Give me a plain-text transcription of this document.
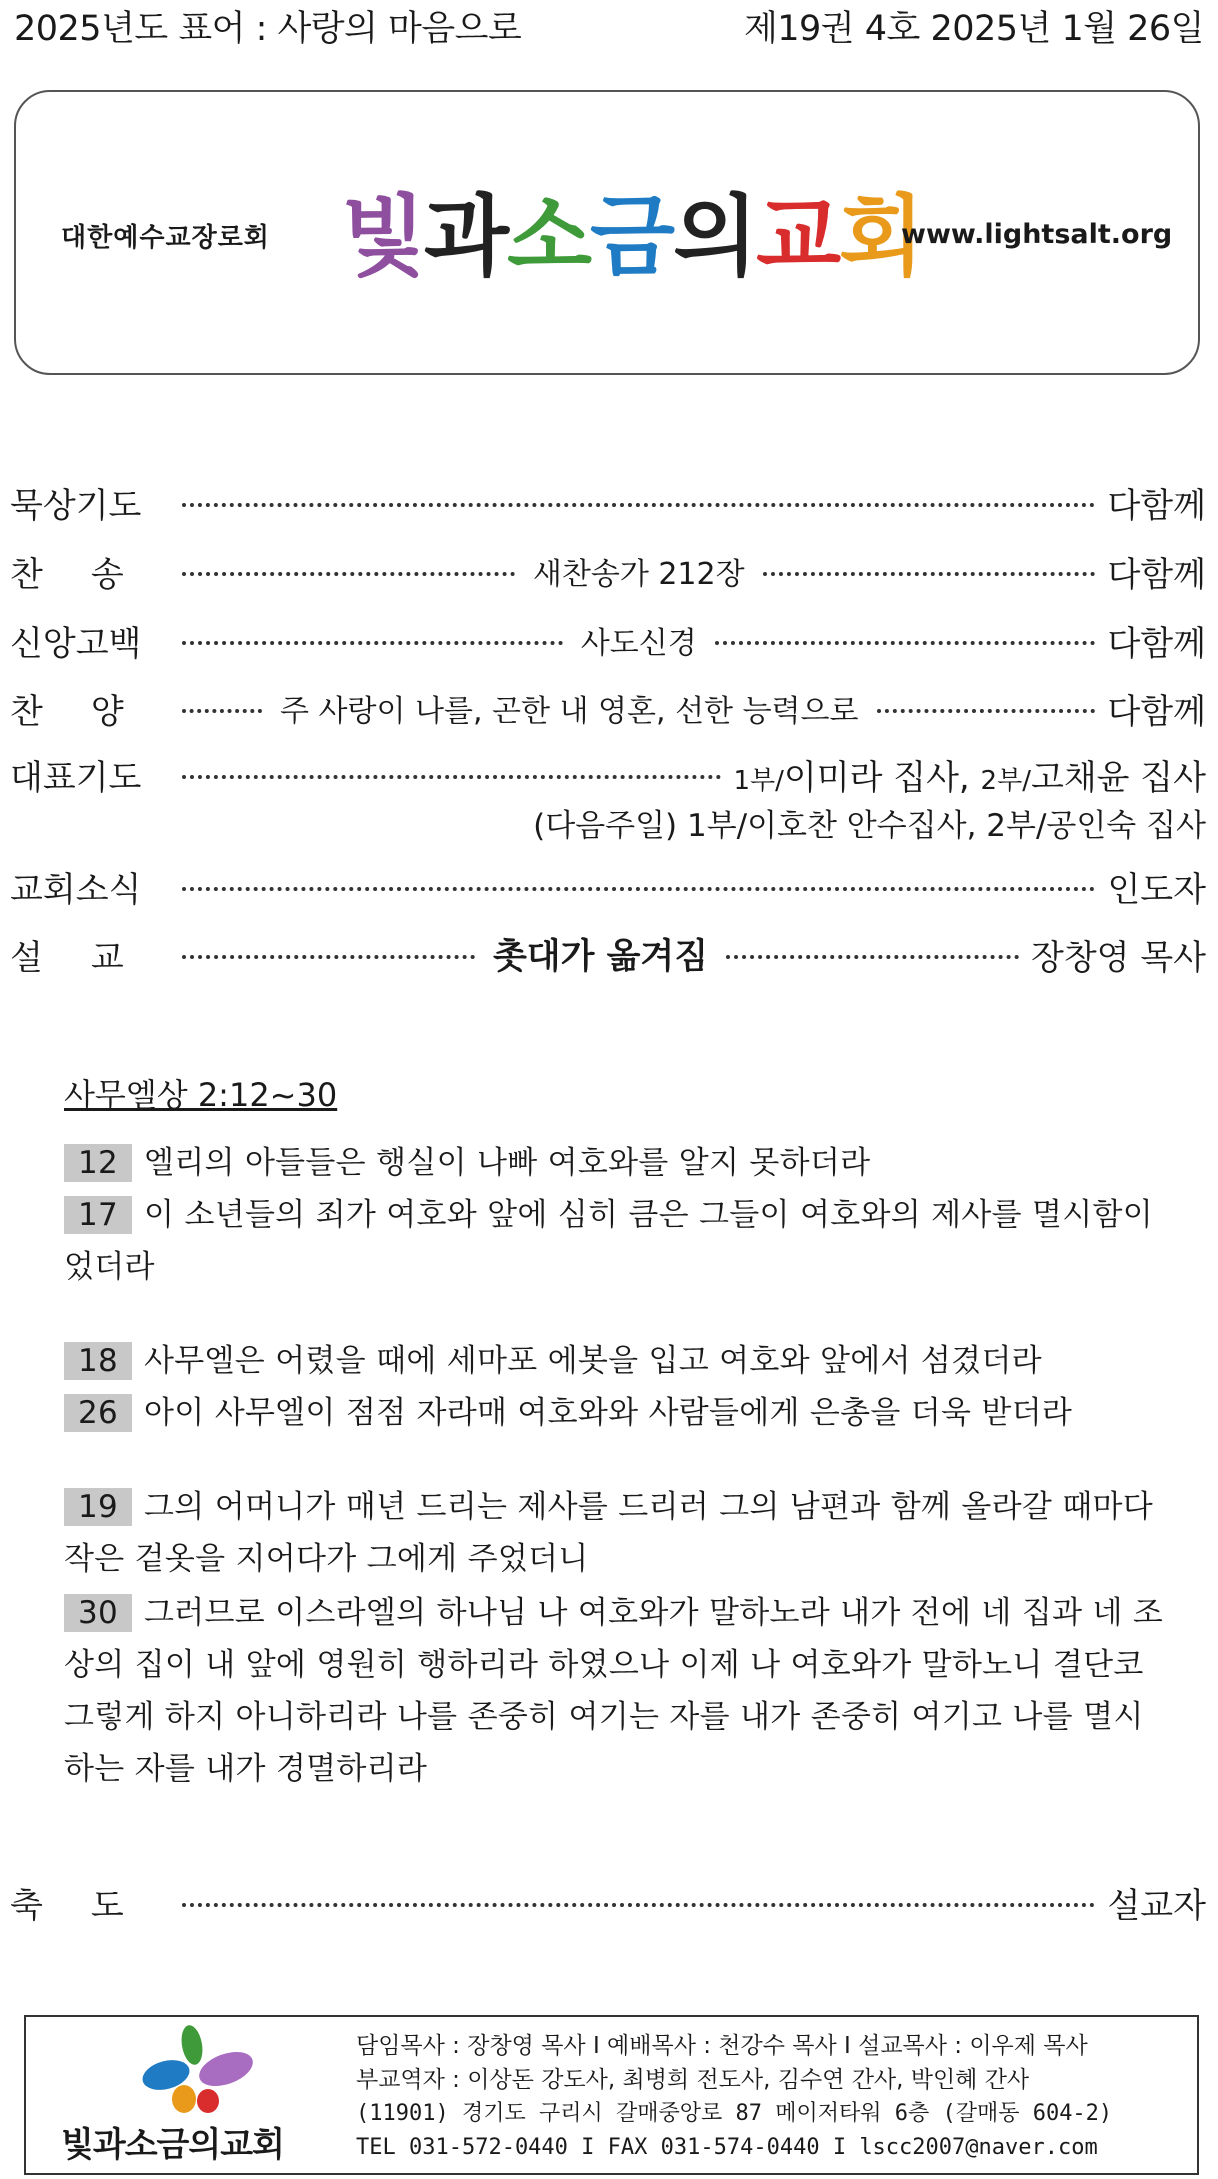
2025년도 표어 : 사랑의 마음으로	제19권 4호 2025년 1월 26일
대한예수교장로회 빛과소금의교회
www.lightsalt.org
묵상기도	다함께
찬송	새찬송가 212장	다함께
신앙고백	사도신경	다함께
찬양	주 사랑이 나를, 곤한 내 영혼, 선한 능력으로	다함께
대표기도	1부/이미라 집사, 2부/고채윤 집사
(다음주일) 1부/이호찬 안수집사, 2부/공인숙 집사
교회소식	인도자
설교	촛대가 옮겨짐	장창영 목사
사무엘상 2:12~30
12 엘리의 아들들은 행실이 나빠 여호와를 알지 못하더라
17 이 소년들의 죄가 여호와 앞에 심히 큼은 그들이 여호와의 제사를 멸시함이었더라
18 사무엘은 어렸을 때에 세마포 에봇을 입고 여호와 앞에서 섬겼더라
26 아이 사무엘이 점점 자라매 여호와와 사람들에게 은총을 더욱 받더라
19 그의 어머니가 매년 드리는 제사를 드리러 그의 남편과 함께 올라갈 때마다 작은 겉옷을 지어다가 그에게 주었더니
30 그러므로 이스라엘의 하나님 나 여호와가 말하노라 내가 전에 네 집과 네 조상의 집이 내 앞에 영원히 행하리라 하였으나 이제 나 여호와가 말하노니 결단코 그렇게 하지 아니하리라 나를 존중히 여기는 자를 내가 존중히 여기고 나를 멸시하는 자를 내가 경멸하리라
축도	설교자
빛과소금의교회
담임목사 : 장창영 목사 I 예배목사 : 천강수 목사 I 설교목사 : 이우제 목사
부교역자 : 이상돈 강도사, 최병희 전도사, 김수연 간사, 박인혜 간사
(11901) 경기도 구리시 갈매중앙로 87 메이저타워 6층 (갈매동 604-2)
TEL 031-572-0440 I FAX 031-574-0440 I lscc2007@naver.com
